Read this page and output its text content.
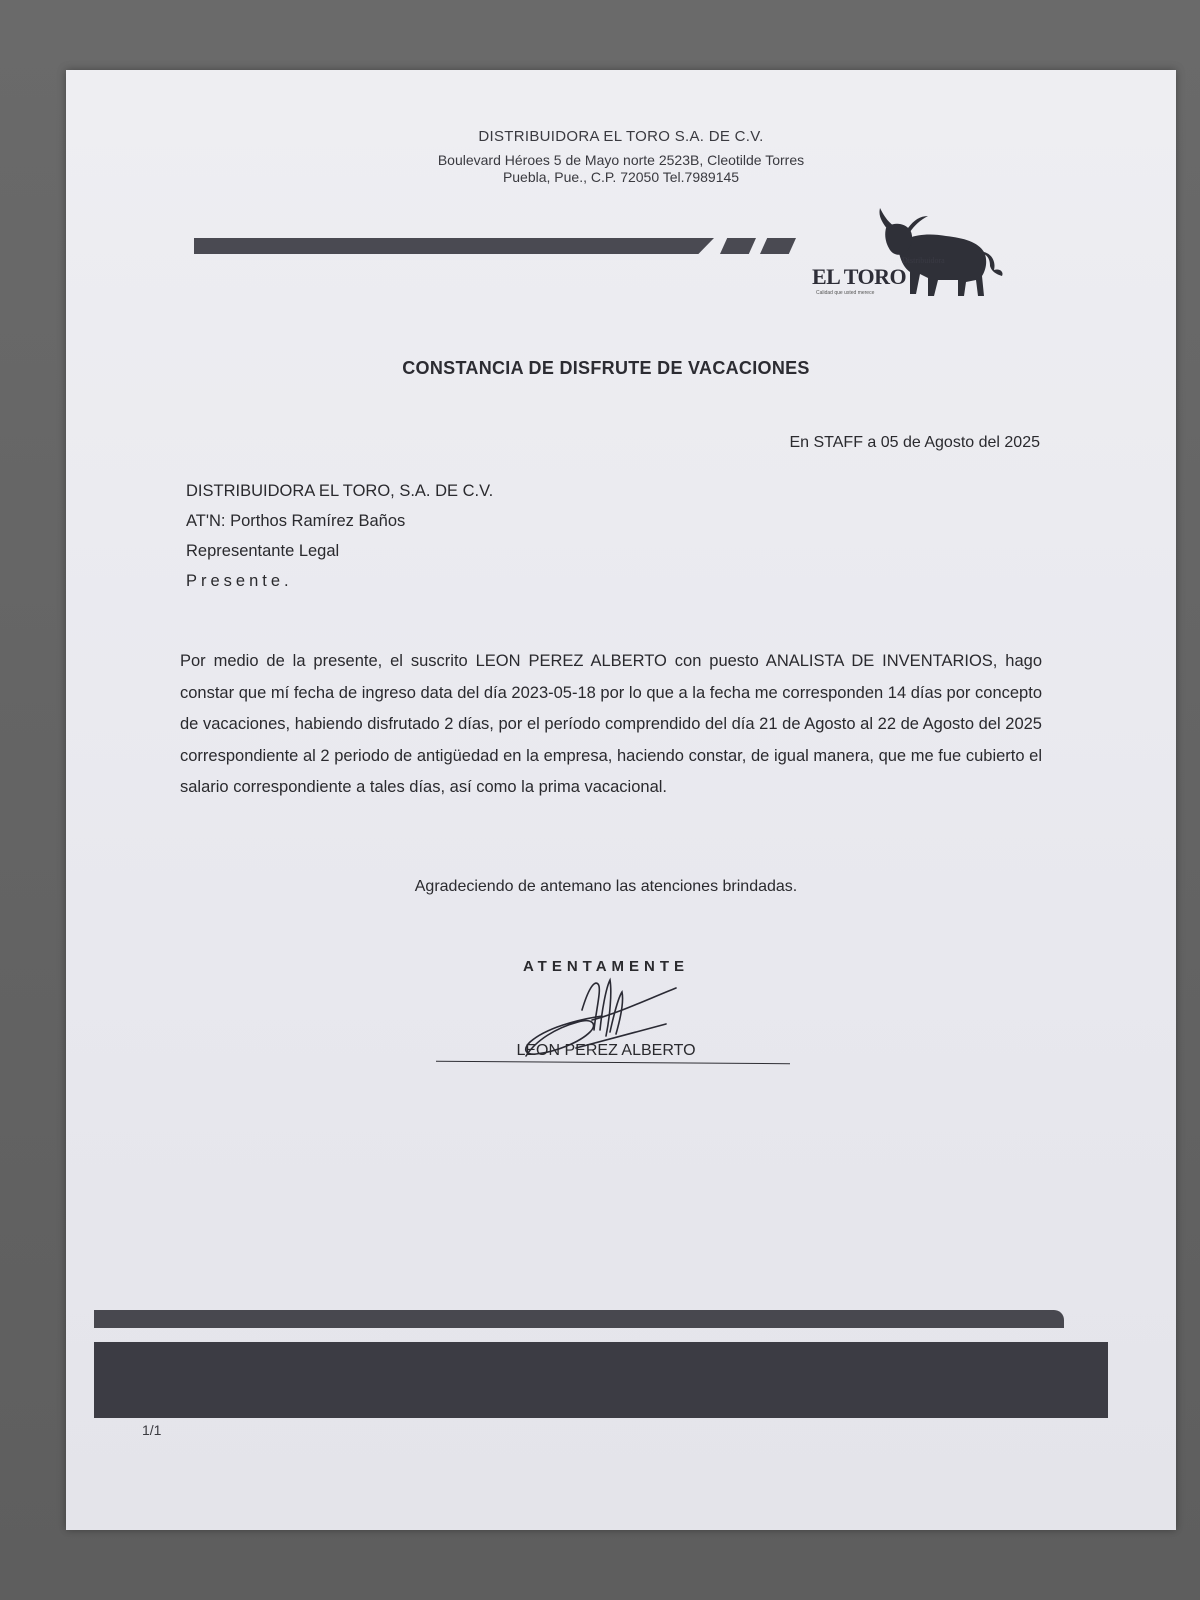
DISTRIBUIDORA EL TORO S.A. DE C.V.
Boulevard Héroes 5 de Mayo norte 2523B, Cleotilde Torres
Puebla, Pue., C.P. 72050 Tel.7989145
Distribuidora
EL TORO
Calidad que usted merece
CONSTANCIA DE DISFRUTE DE VACACIONES
En STAFF a 05 de Agosto del 2025
DISTRIBUIDORA EL TORO, S.A. DE C.V.
AT'N: Porthos Ramírez Baños
Representante Legal
Presente.
Por medio de la presente, el suscrito LEON PEREZ ALBERTO con puesto ANALISTA DE INVENTARIOS, hago constar que mí fecha de ingreso data del día 2023-05-18 por lo que a la fecha me corresponden 14 días por concepto de vacaciones, habiendo disfrutado 2 días, por el período comprendido del día 21 de Agosto al 22 de Agosto del 2025 correspondiente al 2 periodo de antigüedad en la empresa, haciendo constar, de igual manera, que me fue cubierto el salario correspondiente a tales días, así como la prima vacacional.
Agradeciendo de antemano las atenciones brindadas.
ATENTAMENTE
LEON PEREZ ALBERTO
1/1
